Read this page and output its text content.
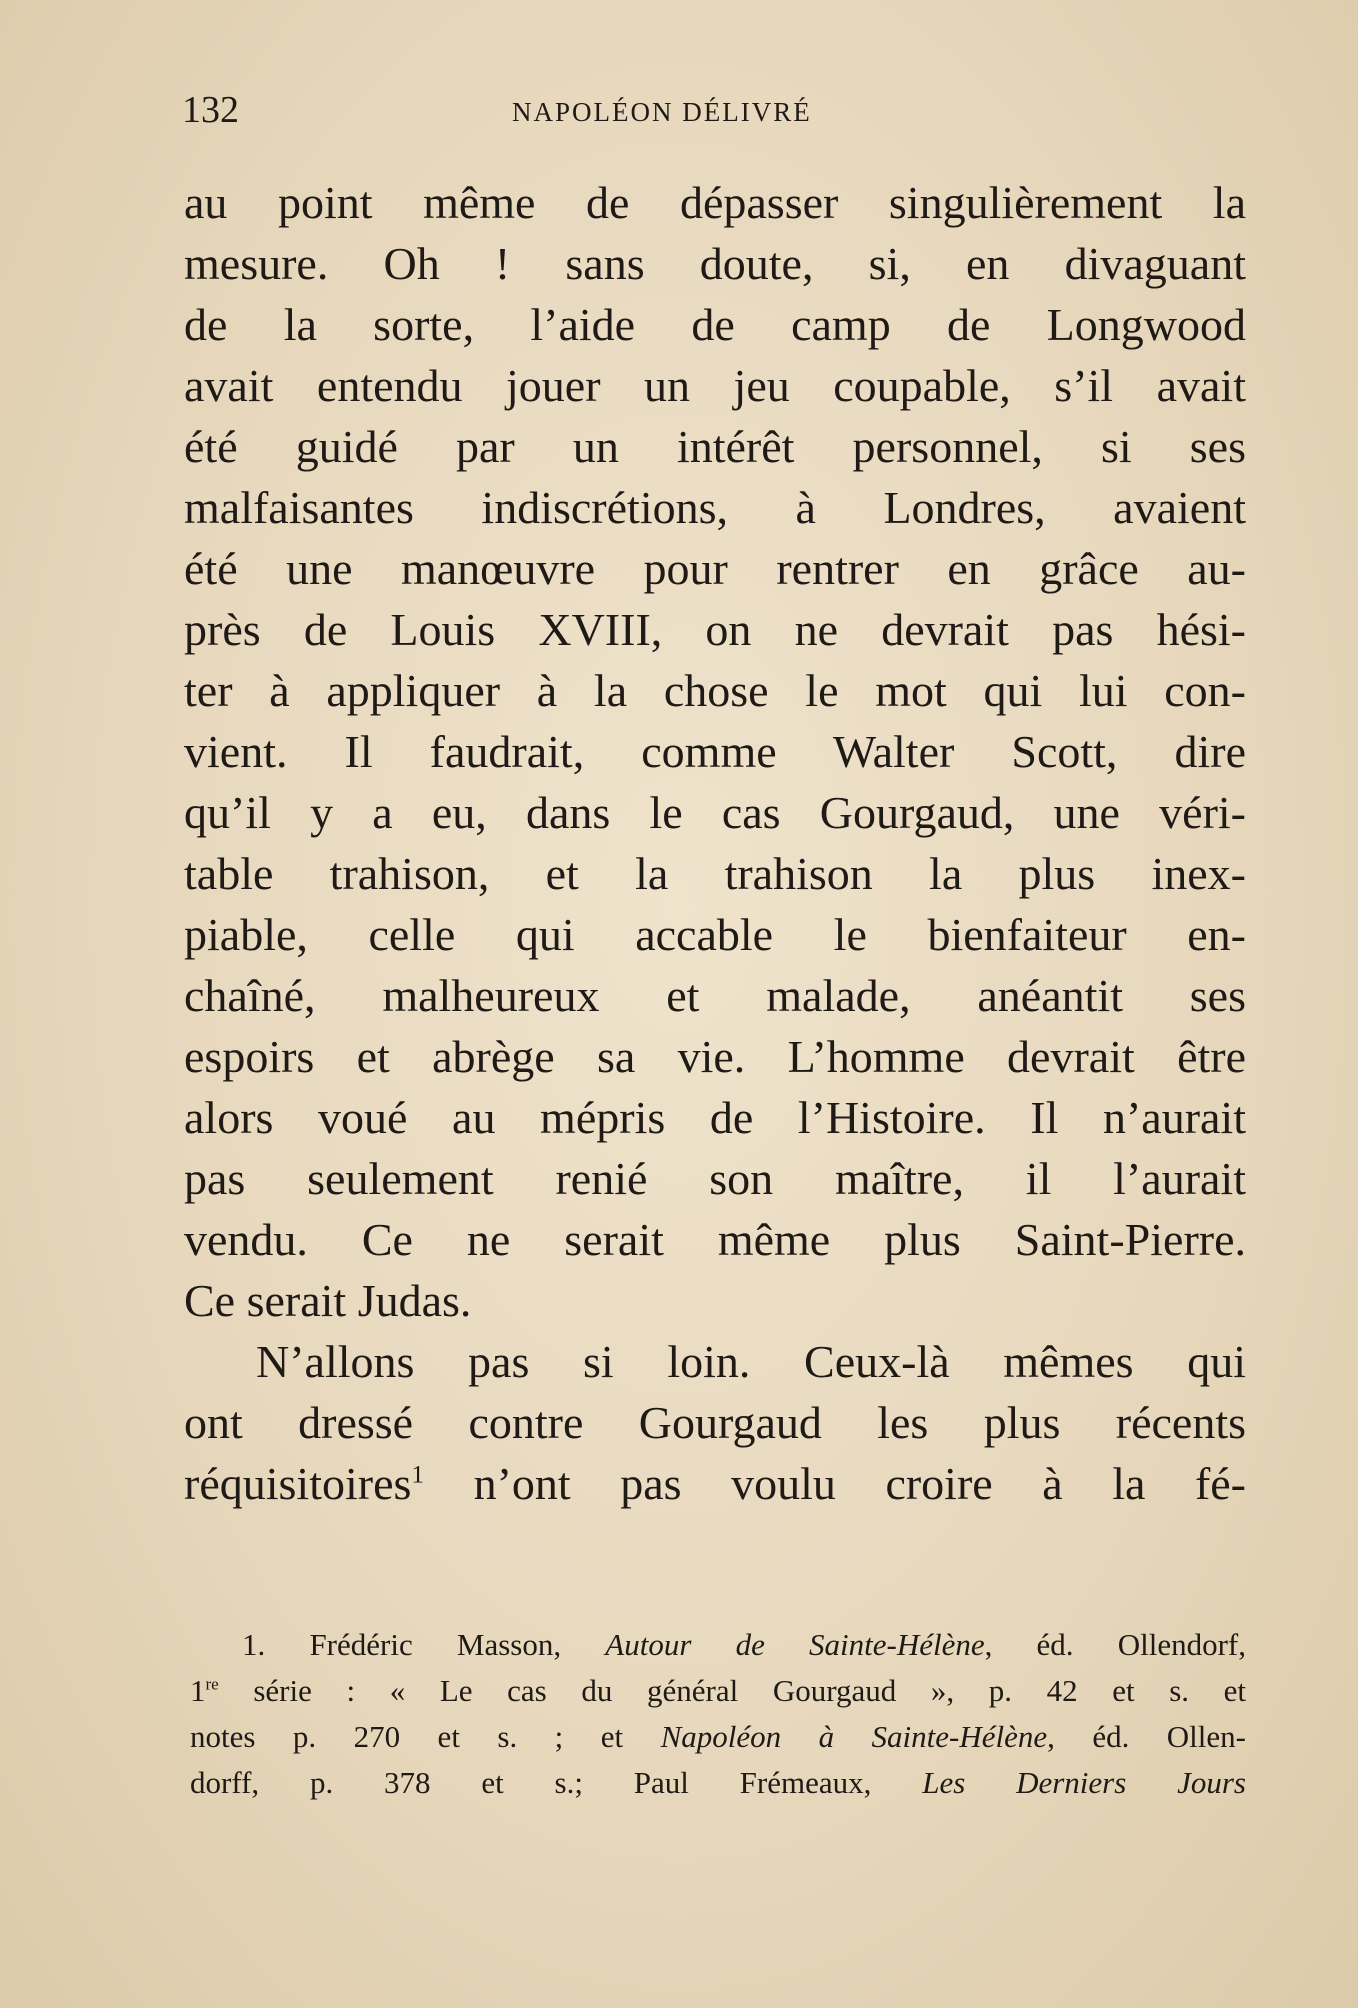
132	NAPOLÉON DÉLIVRÉ
au point même de dépasser singulièrement la
mesure. Oh ! sans doute, si, en divaguant
de la sorte, l’aide de camp de Longwood
avait entendu jouer un jeu coupable, s’il avait
été guidé par un intérêt personnel, si ses
malfaisantes indiscrétions, à Londres, avaient
été une manœuvre pour rentrer en grâce au-
près de Louis XVIII, on ne devrait pas hési-
ter à appliquer à la chose le mot qui lui con-
vient. Il faudrait, comme Walter Scott, dire
qu’il y a eu, dans le cas Gourgaud, une véri-
table trahison, et la trahison la plus inex-
piable, celle qui accable le bienfaiteur en-
chaîné, malheureux et malade, anéantit ses
espoirs et abrège sa vie. L’homme devrait être
alors voué au mépris de l’Histoire. Il n’aurait
pas seulement renié son maître, il l’aurait
vendu. Ce ne serait même plus Saint-Pierre.
Ce serait Judas.
N’allons pas si loin. Ceux-là mêmes qui
ont dressé contre Gourgaud les plus récents
réquisitoires$^1$ n’ont pas voulu croire à la fé-
1. Frédéric Masson, Autour de Sainte-Hélène, éd. Ollendorf,
1re série : « Le cas du général Gourgaud », p. 42 et s. et
notes p. 270 et s. ; et Napoléon à Sainte-Hélène, éd. Ollen-
dorff, p. 378 et s.; Paul Frémeaux, Les Derniers Jours
